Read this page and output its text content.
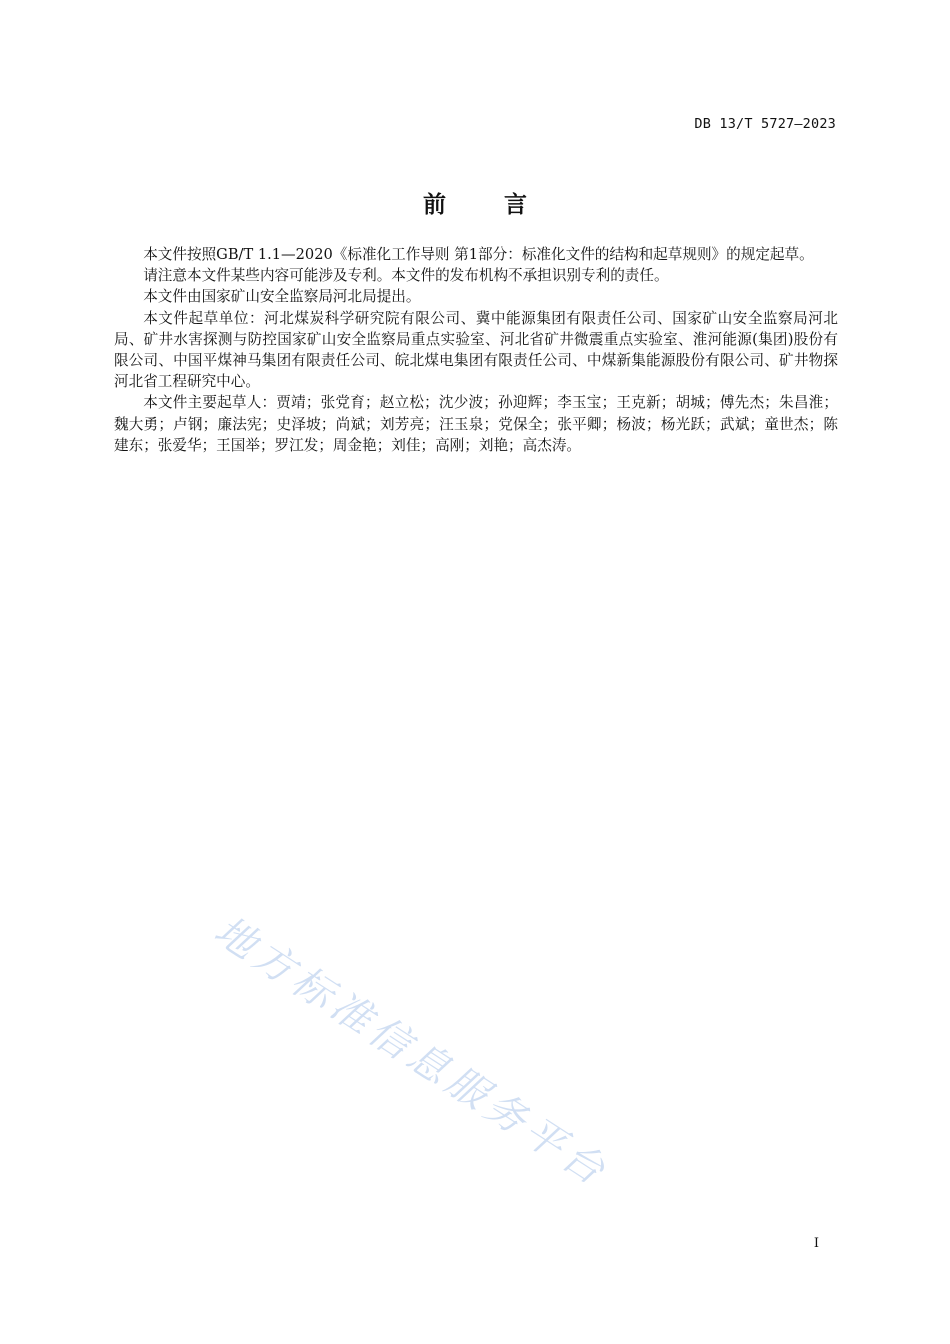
DB 13/T 5727—2023
前	言

本文件按照GB/T 1.1—2020《标准化工作导则 第1部分：标准化文件的结构和起草规则》的规定起草。

请注意本文件某些内容可能涉及专利。本文件的发布机构不承担识别专利的责任。

本文件由国家矿山安全监察局河北局提出。

本文件起草单位：河北煤炭科学研究院有限公司、冀中能源集团有限责任公司、国家矿山安全监察局河北局、矿井水害探测与防控国家矿山安全监察局重点实验室、河北省矿井微震重点实验室、淮河能源(集团)股份有限公司、中国平煤神马集团有限责任公司、皖北煤电集团有限责任公司、中煤新集能源股份有限公司、矿井物探河北省工程研究中心。

本文件主要起草人：贾靖；张党育；赵立松；沈少波；孙迎辉；李玉宝；王克新；胡城；傅先杰；朱昌淮；魏大勇；卢钢；廉法宪；史泽坡；尚斌；刘芳亮；汪玉泉；党保全；张平卿；杨波；杨光跃；武斌；童世杰；陈建东；张爱华；王国举；罗江发；周金艳；刘佳；高刚；刘艳；高杰涛。

地方标准信息服务平台
I
